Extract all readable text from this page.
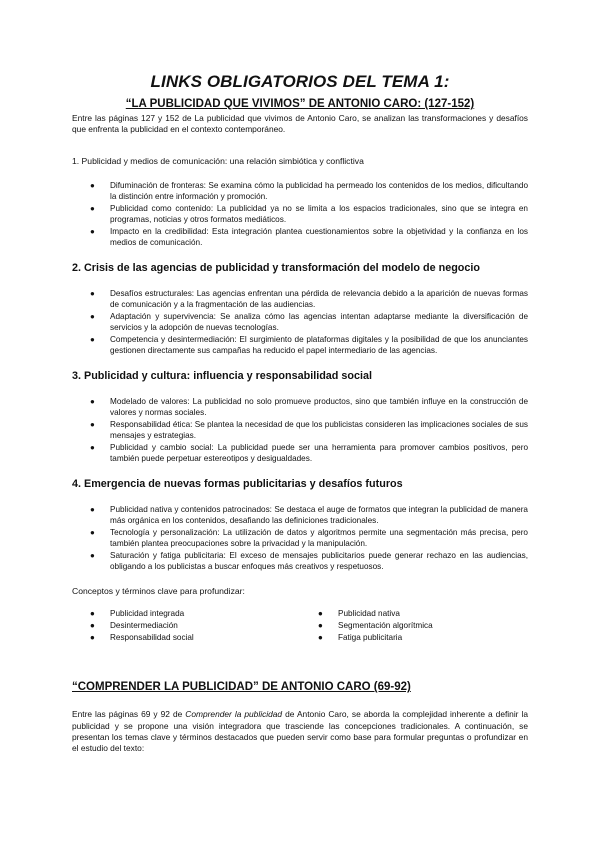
LINKS OBLIGATORIOS DEL TEMA 1:
“LA PUBLICIDAD QUE VIVIMOS” DE ANTONIO CARO: (127-152)

Entre las páginas 127 y 152 de La publicidad que vivimos de Antonio Caro, se analizan las transformaciones y desafíos que enfrenta la publicidad en el contexto contemporáneo.

1. Publicidad y medios de comunicación: una relación simbiótica y conflictiva
● Difuminación de fronteras: Se examina cómo la publicidad ha permeado los contenidos de los medios, dificultando la distinción entre información y promoción.
● Publicidad como contenido: La publicidad ya no se limita a los espacios tradicionales, sino que se integra en programas, noticias y otros formatos mediáticos.
● Impacto en la credibilidad: Esta integración plantea cuestionamientos sobre la objetividad y la confianza en los medios de comunicación.
2. Crisis de las agencias de publicidad y transformación del modelo de negocio
● Desafíos estructurales: Las agencias enfrentan una pérdida de relevancia debido a la aparición de nuevas formas de comunicación y a la fragmentación de las audiencias.
● Adaptación y supervivencia: Se analiza cómo las agencias intentan adaptarse mediante la diversificación de servicios y la adopción de nuevas tecnologías.
● Competencia y desintermediación: El surgimiento de plataformas digitales y la posibilidad de que los anunciantes gestionen directamente sus campañas ha reducido el papel intermediario de las agencias.
3. Publicidad y cultura: influencia y responsabilidad social
● Modelado de valores: La publicidad no solo promueve productos, sino que también influye en la construcción de valores y normas sociales.
● Responsabilidad ética: Se plantea la necesidad de que los publicistas consideren las implicaciones sociales de sus mensajes y estrategias.
● Publicidad y cambio social: La publicidad puede ser una herramienta para promover cambios positivos, pero también puede perpetuar estereotipos y desigualdades.
4. Emergencia de nuevas formas publicitarias y desafíos futuros
● Publicidad nativa y contenidos patrocinados: Se destaca el auge de formatos que integran la publicidad de manera más orgánica en los contenidos, desafiando las definiciones tradicionales.
● Tecnología y personalización: La utilización de datos y algoritmos permite una segmentación más precisa, pero también plantea preocupaciones sobre la privacidad y la manipulación.
● Saturación y fatiga publicitaria: El exceso de mensajes publicitarios puede generar rechazo en las audiencias, obligando a los publicistas a buscar enfoques más creativos y respetuosos.
Conceptos y términos clave para profundizar:
● Publicidad integrada
● Desintermediación
● Responsabilidad social
● Publicidad nativa
● Segmentación algorítmica
● Fatiga publicitaria
“COMPRENDER LA PUBLICIDAD” DE ANTONIO CARO (69-92)

Entre las páginas 69 y 92 de Comprender la publicidad de Antonio Caro, se aborda la complejidad inherente a definir la publicidad y se propone una visión integradora que trasciende las concepciones tradicionales. A continuación, se presentan los temas clave y términos destacados que pueden servir como base para formular preguntas o profundizar en el estudio del texto:
